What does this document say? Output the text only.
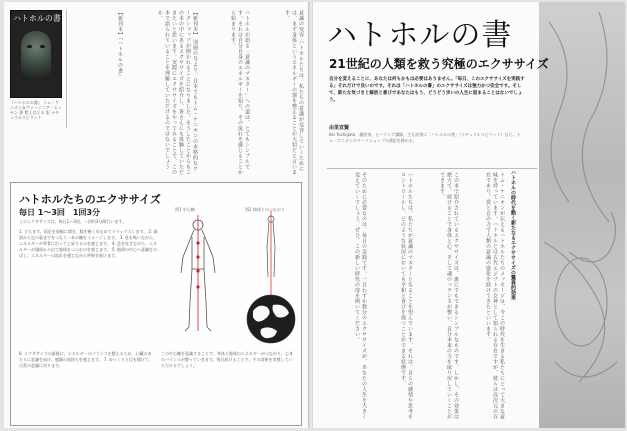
ハトホルの書
『ハトホルの書』 トム・ケニオン＆ヴァージニア・エッセン 著 紫上はとる 訳 ナチュラルスピリット
【新刊本】『ハトホルの書』	【新刊本】 別冊の号より、日本でもトム・ケニオンの本格的なワークショップが開かれることになりました。そうしたことからもこの本の中にあるエクササイズを紹介し、皆さんにも体験していただきたいと思います。実際にエクササイズをやってみることで、この本で語られていることを理解していただけるのではないでしょうか。	ハトホルが語る「意識のマスター」への道は、とてもシンプルです。それは自分自身のエネルギーを知り、その流れを感じることから始まります。	意識の変容 ハトホルたちは、私たちの意識が変容していくためには、まず身体というエネルギーの器を整えることが大切だと言います。
ハトホルたちのエクササイズ
毎日 1～3回　1回3分
このエクササイズは、毎日1～3回、一回約3分間行います。
1. 立ちます。両足を肩幅に開き、膝を軽くゆるめてリラックスします。 2. 頭頂から足の裏までをつなぐ一本の軸をイメージします。 3. 息を吸いながら、エネルギーが背骨に沿って上昇するのを感じます。 4. 息を吐きながら、エネルギーが頭頂から出て地球をつつむのを感じます。 5. 地球の中心へ意識をのばし、エネルギーの流れを感じながら呼吸を続けます。
図1 中心軸	図2 地球とのつながり
6. エクササイズの最後に、エネルギーのバランスを整えるため、心臓のあたりに意識を向け、感謝の気持ちを感じます。 7. ゆっくりと目を開けて、日常の意識に戻ります。
この中心軸を意識することで、身体と地球のエネルギーがつながり、心身のバランスが整っていきます。毎日続けることで、その効果を実感していただけるでしょう。
ハトホルの書
21世紀の人類を救う究極のエクササイズ
自分を変えることに、あなたは何もかもは必要はありません。「毎日、このエクササイズを実践する」それだけで良いのです。それは「ハトホルの書」のエクササイズは強力かつ安全です。そして、新たな気づきと解放と喜びであなたはもう、どうどう歩いの人生に留まることはないでしょう。
由里宜賢
Kei Yoshigata　翻訳家、ヒーリング講師。主な訳書に「ハトホルの書」（ナチュラルスピリット）など。トム・ケニオンのワークショップの通訳を務める。
ハトホルの時代を動く新たなるエクササイズの驚異的効果
トム・ケニオンが伝えるハトホルたちのメッセージは、今この時代を生きる私たちにとって大きな意味を持っています。ハトホルとは古代エジプトの女神として知られる存在ですが、彼らは高次元の存在であり、愛と音の力で人類の意識の進化を助けてきたといいます。
この本で紹介されているエクササイズは、誰にでもできるシンプルなものです。しかし、その効果は絶大で、続けることで身体と心、そして魂のバランスが整い、自分本来の力を取り戻していくことができます。
ハトホルたちは、私たちが意識のマスターとなることを望んでいます。それは、自らの感情や思考をコントロールし、どのような状況においても平和と喜びを保つことができる状態です。
そのために必要なのは、毎日の実践です。一日わずか数分のエクササイズが、あなたの人生を大きく変えていくでしょう。ぜひ、この新しい時代の扉を開いてください。
